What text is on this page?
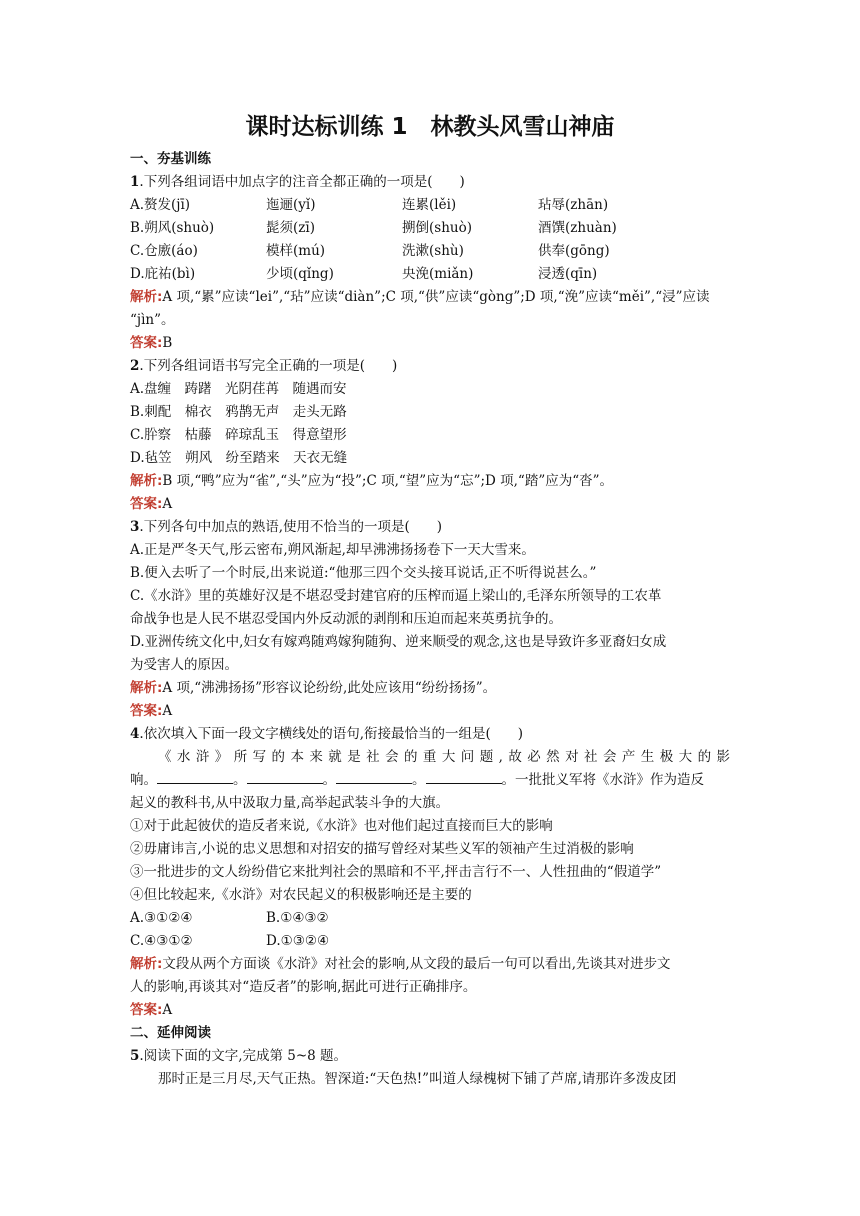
课时达标训练 1　林教头风雪山神庙
一、夯基训练
1.下列各组词语中加点字的注音全都正确的一项是(　　)
A.赘发(jī)	迤逦(yǐ)	连累(lěi)	玷辱(zhān)
B.朔风(shuò)	髭须(zī)	搠倒(shuò)	酒馔(zhuàn)
C.仓廒(áo)	模样(mú)	洗漱(shù)	供奉(gōng)
D.庇祐(bì)	少顷(qǐng)	央浼(miǎn)	浸透(qīn)
解析:A 项,“累”应读“lei”,“玷”应读“diàn”;C 项,“供”应读“gòng”;D 项,“浼”应读“měi”,“浸”应读
“jìn”。
答案:B
2.下列各组词语书写完全正确的一项是(　　)
A.盘缠　踌躇　光阴荏苒　随遇而安
B.刺配　棉衣　鸦鹊无声　走头无路
C.肸察　枯藤　碎琼乱玉　得意望形
D.毡笠　朔风　纷至踏来　天衣无缝
解析:B 项,“鸭”应为“雀”,“头”应为“投”;C 项,“望”应为“忘”;D 项,“踏”应为“沓”。
答案:A
3.下列各句中加点的熟语,使用不恰当的一项是(　　)
A.正是严冬天气,彤云密布,朔风渐起,却早沸沸扬扬卷下一天大雪来。
B.便入去听了一个时辰,出来说道:“他那三四个交头接耳说话,正不听得说甚么。”
C.《水浒》里的英雄好汉是不堪忍受封建官府的压榨而逼上梁山的,毛泽东所领导的工农革
命战争也是人民不堪忍受国内外反动派的剥削和压迫而起来英勇抗争的。
D.亚洲传统文化中,妇女有嫁鸡随鸡嫁狗随狗、逆来顺受的观念,这也是导致许多亚裔妇女成
为受害人的原因。
解析:A 项,“沸沸扬扬”形容议论纷纷,此处应该用“纷纷扬扬”。
答案:A
4.依次填入下面一段文字横线处的语句,衔接最恰当的一组是(　　)
《水浒》所写的本来就是社会的重大问题,故必然对社会产生极大的影
响。	。	。	。	。一批批义军将《水浒》作为造反
起义的教科书,从中汲取力量,高举起武装斗争的大旗。
①对于此起彼伏的造反者来说,《水浒》也对他们起过直接而巨大的影响
②毋庸讳言,小说的忠义思想和对招安的描写曾经对某些义军的领袖产生过消极的影响
③一批进步的文人纷纷借它来批判社会的黑暗和不平,抨击言行不一、人性扭曲的“假道学”
④但比较起来,《水浒》对农民起义的积极影响还是主要的
A.③①②④	B.①④③②
C.④③①②	D.①③②④
解析:文段从两个方面谈《水浒》对社会的影响,从文段的最后一句可以看出,先谈其对进步文
人的影响,再谈其对“造反者”的影响,据此可进行正确排序。
答案:A
二、延伸阅读
5.阅读下面的文字,完成第 5~8 题。
那时正是三月尽,天气正热。智深道:“天色热!”叫道人绿槐树下铺了芦席,请那许多泼皮团
